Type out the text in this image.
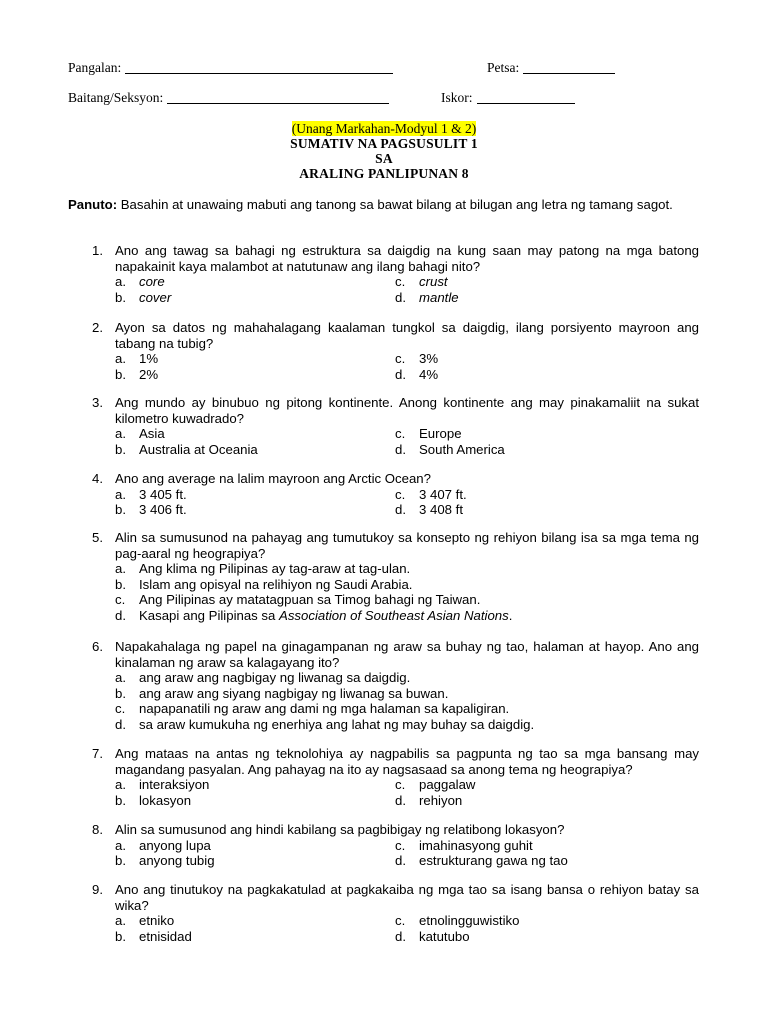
Pangalan:	Petsa:
Baitang/Seksyon:	Iskor:
(Unang Markahan-Modyul 1 & 2)
SUMATIV NA PAGSUSULIT 1
SA
ARALING PANLIPUNAN 8
Panuto: Basahin at unawaing mabuti ang tanong sa bawat bilang at bilugan ang letra ng tamang sagot.
1. Ano ang tawag sa bahagi ng estruktura sa daigdig na kung saan may patong na mga batong napakainit kaya malambot at natutunaw ang ilang bahagi nito?
a. core	c. crust
b. cover	d. mantle
2. Ayon sa datos ng mahahalagang kaalaman tungkol sa daigdig, ilang porsiyento mayroon ang tabang na tubig?
a. 1%	c. 3%
b. 2%	d. 4%
3. Ang mundo ay binubuo ng pitong kontinente. Anong kontinente ang may pinakamaliit na sukat kilometro kuwadrado?
a. Asia	c. Europe
b. Australia at Oceania	d. South America
4. Ano ang average na lalim mayroon ang Arctic Ocean?
a. 3 405 ft.	c. 3 407 ft.
b. 3 406 ft.	d. 3 408 ft
5. Alin sa sumusunod na pahayag ang tumutukoy sa konsepto ng rehiyon bilang isa sa mga tema ng pag-aaral ng heograpiya?
a. Ang klima ng Pilipinas ay tag-araw at tag-ulan.
b. Islam ang opisyal na relihiyon ng Saudi Arabia.
c. Ang Pilipinas ay matatagpuan sa Timog bahagi ng Taiwan.
d. Kasapi ang Pilipinas sa Association of Southeast Asian Nations.
6. Napakahalaga ng papel na ginagampanan ng araw sa buhay ng tao, halaman at hayop. Ano ang kinalaman ng araw sa kalagayang ito?
a. ang araw ang nagbigay ng liwanag sa daigdig.
b. ang araw ang siyang nagbigay ng liwanag sa buwan.
c. napapanatili ng araw ang dami ng mga halaman sa kapaligiran.
d. sa araw kumukuha ng enerhiya ang lahat ng may buhay sa daigdig.
7. Ang mataas na antas ng teknolohiya ay nagpabilis sa pagpunta ng tao sa mga bansang may magandang pasyalan. Ang pahayag na ito ay nagsasaad sa anong tema ng heograpiya?
a. interaksiyon	c. paggalaw
b. lokasyon	d. rehiyon
8. Alin sa sumusunod ang hindi kabilang sa pagbibigay ng relatibong lokasyon?
a. anyong lupa	c. imahinasyong guhit
b. anyong tubig	d. estrukturang gawa ng tao
9. Ano ang tinutukoy na pagkakatulad at pagkakaiba ng mga tao sa isang bansa o rehiyon batay sa wika?
a. etniko	c. etnolingguwistiko
b. etnisidad	d. katutubo
